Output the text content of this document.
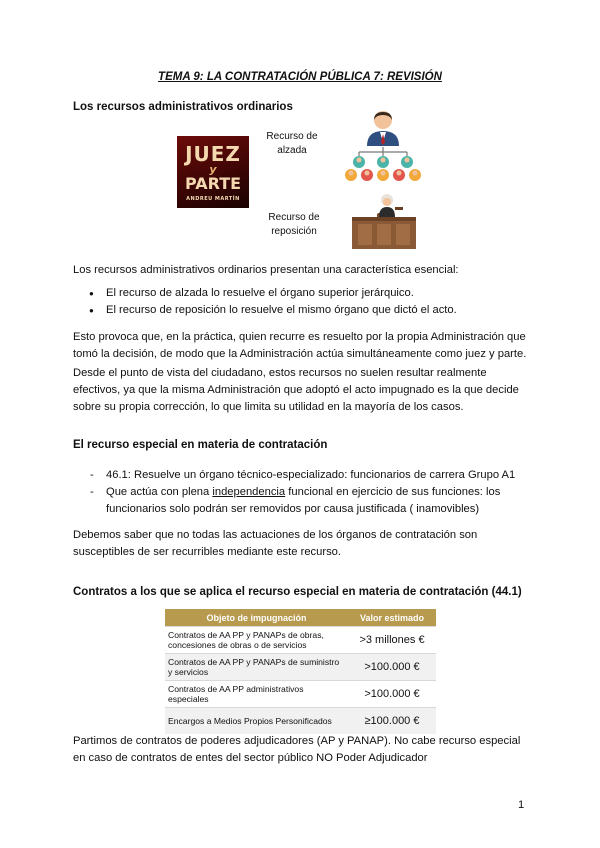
TEMA 9: LA CONTRATACIÓN PÚBLICA 7: REVISIÓN
Los recursos administrativos ordinarios
JUEZ
y
PARTE
ANDREU MARTÍN
Recurso de
alzada
Recurso de
reposición
Los recursos administrativos ordinarios presentan una característica esencial:
● El recurso de alzada lo resuelve el órgano superior jerárquico.
● El recurso de reposición lo resuelve el mismo órgano que dictó el acto.
Esto provoca que, en la práctica, quien recurre es resuelto por la propia Administración que tomó la decisión, de modo que la Administración actúa simultáneamente como juez y parte.
Desde el punto de vista del ciudadano, estos recursos no suelen resultar realmente efectivos, ya que la misma Administración que adoptó el acto impugnado es la que decide sobre su propia corrección, lo que limita su utilidad en la mayoría de los casos.
El recurso especial en materia de contratación
- 46.1: Resuelve un órgano técnico-especializado: funcionarios de carrera Grupo A1
- Que actúa con plena independencia funcional en ejercicio de sus funciones: los funcionarios solo podrán ser removidos por causa justificada ( inamovibles)
Debemos saber que no todas las actuaciones de los órganos de contratación son susceptibles de ser recurribles mediante este recurso.
Contratos a los que se aplica el recurso especial en materia de contratación (44.1)
Objeto de impugnación	Valor estimado
Contratos de AA PP y PANAPs de obras, concesiones de obras o de servicios	>3 millones €
Contratos de AA PP y PANAPs de suministro y servicios	>100.000 €
Contratos de AA PP administrativos especiales	>100.000 €
Encargos a Medios Propios Personificados	≥100.000 €
Partimos de contratos de poderes adjudicadores (AP y PANAP). No cabe recurso especial en caso de contratos de entes del sector público NO Poder Adjudicador
1
